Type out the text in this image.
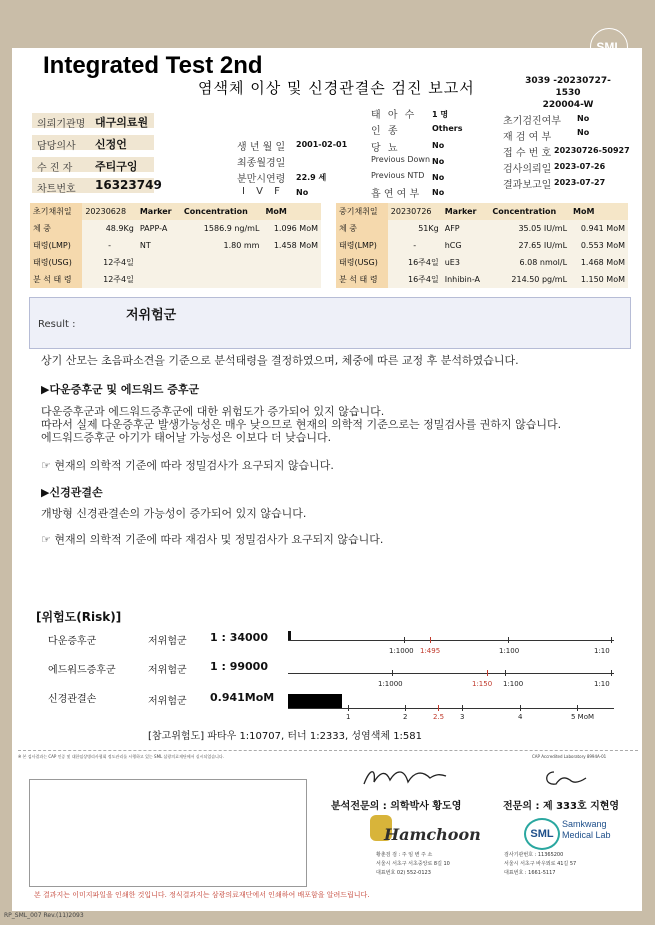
SML
Integrated Test 2nd
염색체 이상 및 신경관결손 검진 보고서	3039 -20230727-1530
220004-W
의뢰기관명 대구의료원
담당의사 신정언
수 진 자 주티구잉
차트번호 16323749
생 년 월 일 2001-02-01
최종월경일
분만시연령 22.9 세
I V F No
태 아 수 1 명
인 종	Others
당 뇨	No
Previous Down No
Previous NTD No
흡 연 여 부 No
초기검진여부 No
재 검 여 부	No
접 수 번 호 20230726-50927
검사의뢰일 2023-07-26
결과보고일 2023-07-27
초기채취일	20230628	Marker	Concentration	MoM
체 중	48.9Kg	PAPP-A	1586.9 ng/mL	1.096 MoM
태령(LMP)	-	NT	1.80 mm	1.458 MoM
태령(USG)	12주4일			
분 석 태 령	12주4일			
중기채취일	20230726	Marker	Concentration	MoM
체 중	51Kg	AFP	35.05 IU/mL	0.941 MoM
태령(LMP)	-	hCG	27.65 IU/mL	0.553 MoM
태령(USG)	16주4일	uE3	6.08 nmol/L	1.468 MoM
분 석 태 령	16주4일	Inhibin-A	214.50 pg/mL	1.150 MoM
Result :
저위험군
상기 산모는 초음파소견을 기준으로 분석태령을 결정하였으며, 체중에 따른 교정 후 분석하였습니다.
▶다운증후군 및 에드워드 증후군
다운증후군과 에드워드증후군에 대한 위험도가 증가되어 있지 않습니다.
따라서 실제 다운증후군 발생가능성은 매우 낮으므로 현재의 의학적 기준으로는 정밀검사를 권하지 않습니다.
에드워드증후군 아기가 태어날 가능성은 이보다 더 낮습니다.
☞ 현재의 의학적 기준에 따라 정밀검사가 요구되지 않습니다.
▶신경관결손
개방형 신경관결손의 가능성이 증가되어 있지 않습니다.
☞ 현재의 의학적 기준에 따라 재검사 및 정밀검사가 요구되지 않습니다.
[위험도(Risk)]
다운증후군	저위험군 1 : 34000
에드워드증후군	저위험군 1 : 99000
신경관결손	저위험군 0.941MoM
1:1000 1:495	1:100	1:10
1:1000	1:150 1:100	1:10
1	2	2.5 3	4	5 MoM
[참고위험도] 파타우 1:10707, 터너 1:2333, 성염색체 1:581
※ 본 검사결과는 CAP 인증 및 대한임상병리사협회 정도관리를 시행하고 있는 SML 삼광의료재단에서 실시되었습니다.	CAP Accredited Laboratory 8994A-01
분석전문의 : 의학박사 황도영	전문의 : 제 333호 지현영
Hamchoon
황춘검 검 : 주 임 변 주 소
서울시 서초구 서초중앙로 8길 10
대표번호 02) 552-0123
SML
Samkwang
Medical Lab
검사기관번호 : 11365200
서울시 서초구 바우뫼로 41길 57
대표번호 : 1661-5117
본 결과지는 이미지파일을 인쇄한 것입니다. 정식결과지는 삼광의료재단에서 인쇄하여 배포함을 알려드립니다.
RP_SML_007 Rev.(11)2093
